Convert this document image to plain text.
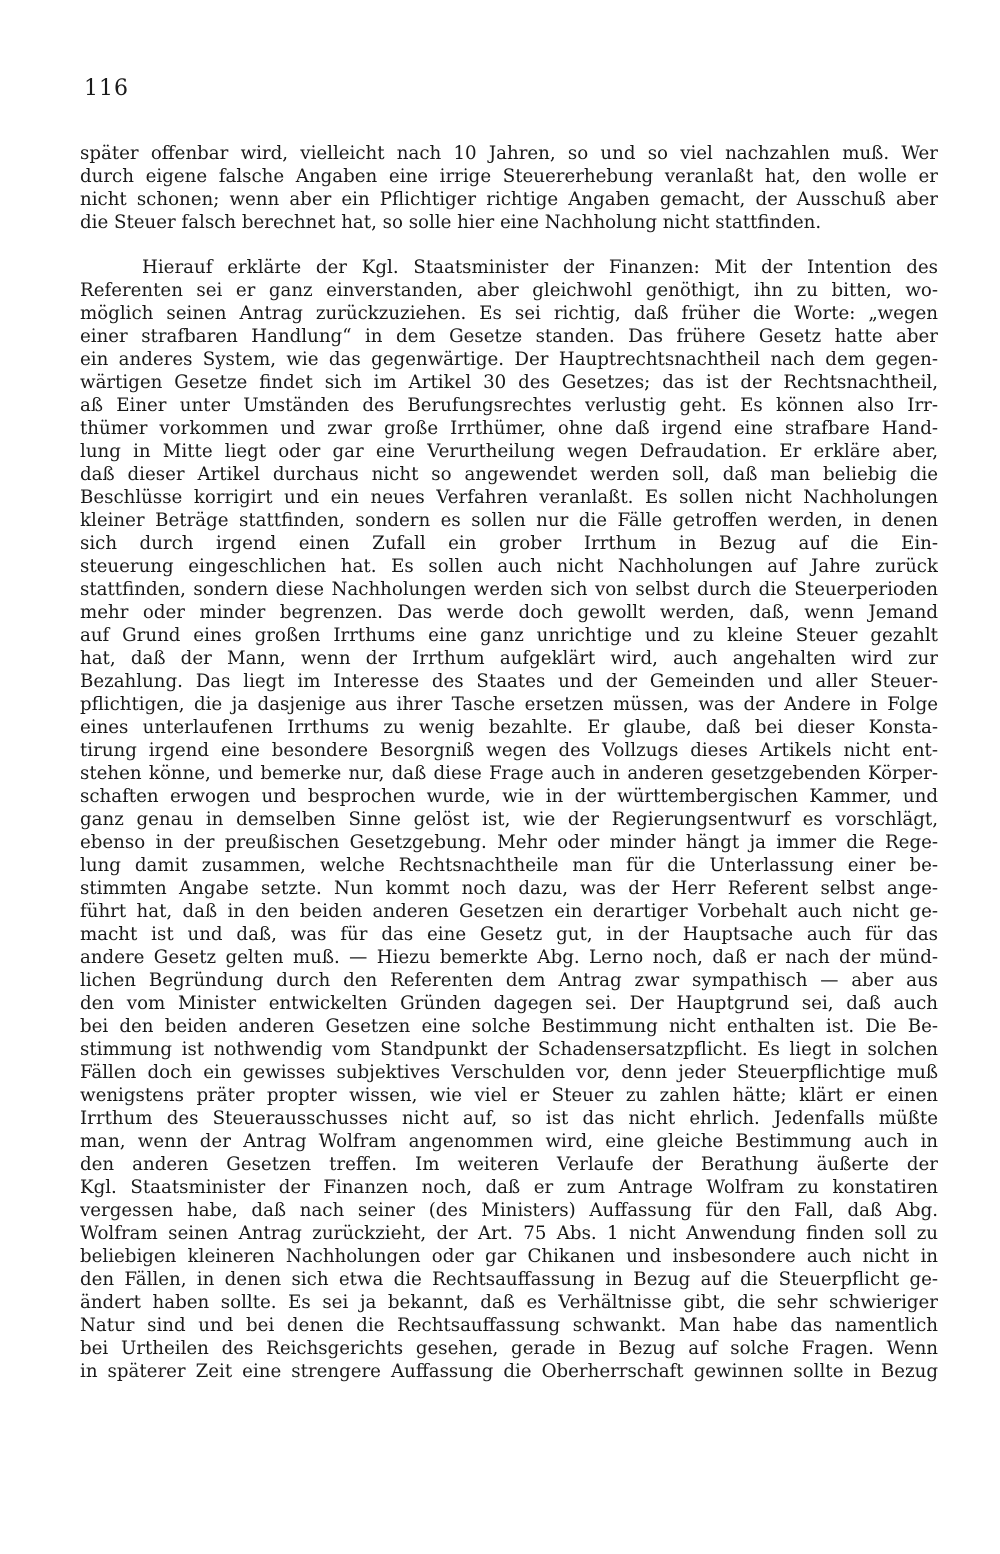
116
später offenbar wird, vielleicht nach 10 Jahren, so und so viel nachzahlen muß. Wer
durch eigene falsche Angaben eine irrige Steuererhebung veranlaßt hat, den wolle er
nicht schonen; wenn aber ein Pflichtiger richtige Angaben gemacht, der Ausschuß aber
die Steuer falsch berechnet hat, so solle hier eine Nachholung nicht stattfinden.
Hierauf erklärte der Kgl. Staatsminister der Finanzen: Mit der Intention des
Referenten sei er ganz einverstanden, aber gleichwohl genöthigt, ihn zu bitten, wo-
möglich seinen Antrag zurückzuziehen. Es sei richtig, daß früher die Worte: „wegen
einer strafbaren Handlung“ in dem Gesetze standen. Das frühere Gesetz hatte aber
ein anderes System, wie das gegenwärtige. Der Hauptrechtsnachtheil nach dem gegen-
wärtigen Gesetze findet sich im Artikel 30 des Gesetzes; das ist der Rechtsnachtheil,
aß Einer unter Umständen des Berufungsrechtes verlustig geht. Es können also Irr-
thümer vorkommen und zwar große Irrthümer, ohne daß irgend eine strafbare Hand-
lung in Mitte liegt oder gar eine Verurtheilung wegen Defraudation. Er erkläre aber,
daß dieser Artikel durchaus nicht so angewendet werden soll, daß man beliebig die
Beschlüsse korrigirt und ein neues Verfahren veranlaßt. Es sollen nicht Nachholungen
kleiner Beträge stattfinden, sondern es sollen nur die Fälle getroffen werden, in denen
sich durch irgend einen Zufall ein grober Irrthum in Bezug auf die Ein-
steuerung eingeschlichen hat. Es sollen auch nicht Nachholungen auf Jahre zurück
stattfinden, sondern diese Nachholungen werden sich von selbst durch die Steuerperioden
mehr oder minder begrenzen. Das werde doch gewollt werden, daß, wenn Jemand
auf Grund eines großen Irrthums eine ganz unrichtige und zu kleine Steuer gezahlt
hat, daß der Mann, wenn der Irrthum aufgeklärt wird, auch angehalten wird zur
Bezahlung. Das liegt im Interesse des Staates und der Gemeinden und aller Steuer-
pflichtigen, die ja dasjenige aus ihrer Tasche ersetzen müssen, was der Andere in Folge
eines unterlaufenen Irrthums zu wenig bezahlte. Er glaube, daß bei dieser Konsta-
tirung irgend eine besondere Besorgniß wegen des Vollzugs dieses Artikels nicht ent-
stehen könne, und bemerke nur, daß diese Frage auch in anderen gesetzgebenden Körper-
schaften erwogen und besprochen wurde, wie in der württembergischen Kammer, und
ganz genau in demselben Sinne gelöst ist, wie der Regierungsentwurf es vorschlägt,
ebenso in der preußischen Gesetzgebung. Mehr oder minder hängt ja immer die Rege-
lung damit zusammen, welche Rechtsnachtheile man für die Unterlassung einer be-
stimmten Angabe setzte. Nun kommt noch dazu, was der Herr Referent selbst ange-
führt hat, daß in den beiden anderen Gesetzen ein derartiger Vorbehalt auch nicht ge-
macht ist und daß, was für das eine Gesetz gut, in der Hauptsache auch für das
andere Gesetz gelten muß. — Hiezu bemerkte Abg. Lerno noch, daß er nach der münd-
lichen Begründung durch den Referenten dem Antrag zwar sympathisch — aber aus
den vom Minister entwickelten Gründen dagegen sei. Der Hauptgrund sei, daß auch
bei den beiden anderen Gesetzen eine solche Bestimmung nicht enthalten ist. Die Be-
stimmung ist nothwendig vom Standpunkt der Schadensersatzpflicht. Es liegt in solchen
Fällen doch ein gewisses subjektives Verschulden vor, denn jeder Steuerpflichtige muß
wenigstens präter propter wissen, wie viel er Steuer zu zahlen hätte; klärt er einen
Irrthum des Steuerausschusses nicht auf, so ist das nicht ehrlich. Jedenfalls müßte
man, wenn der Antrag Wolfram angenommen wird, eine gleiche Bestimmung auch in
den anderen Gesetzen treffen. Im weiteren Verlaufe der Berathung äußerte der
Kgl. Staatsminister der Finanzen noch, daß er zum Antrage Wolfram zu konstatiren
vergessen habe, daß nach seiner (des Ministers) Auffassung für den Fall, daß Abg.
Wolfram seinen Antrag zurückzieht, der Art. 75 Abs. 1 nicht Anwendung finden soll zu
beliebigen kleineren Nachholungen oder gar Chikanen und insbesondere auch nicht in
den Fällen, in denen sich etwa die Rechtsauffassung in Bezug auf die Steuerpflicht ge-
ändert haben sollte. Es sei ja bekannt, daß es Verhältnisse gibt, die sehr schwieriger
Natur sind und bei denen die Rechtsauffassung schwankt. Man habe das namentlich
bei Urtheilen des Reichsgerichts gesehen, gerade in Bezug auf solche Fragen. Wenn
in späterer Zeit eine strengere Auffassung die Oberherrschaft gewinnen sollte in Bezug
